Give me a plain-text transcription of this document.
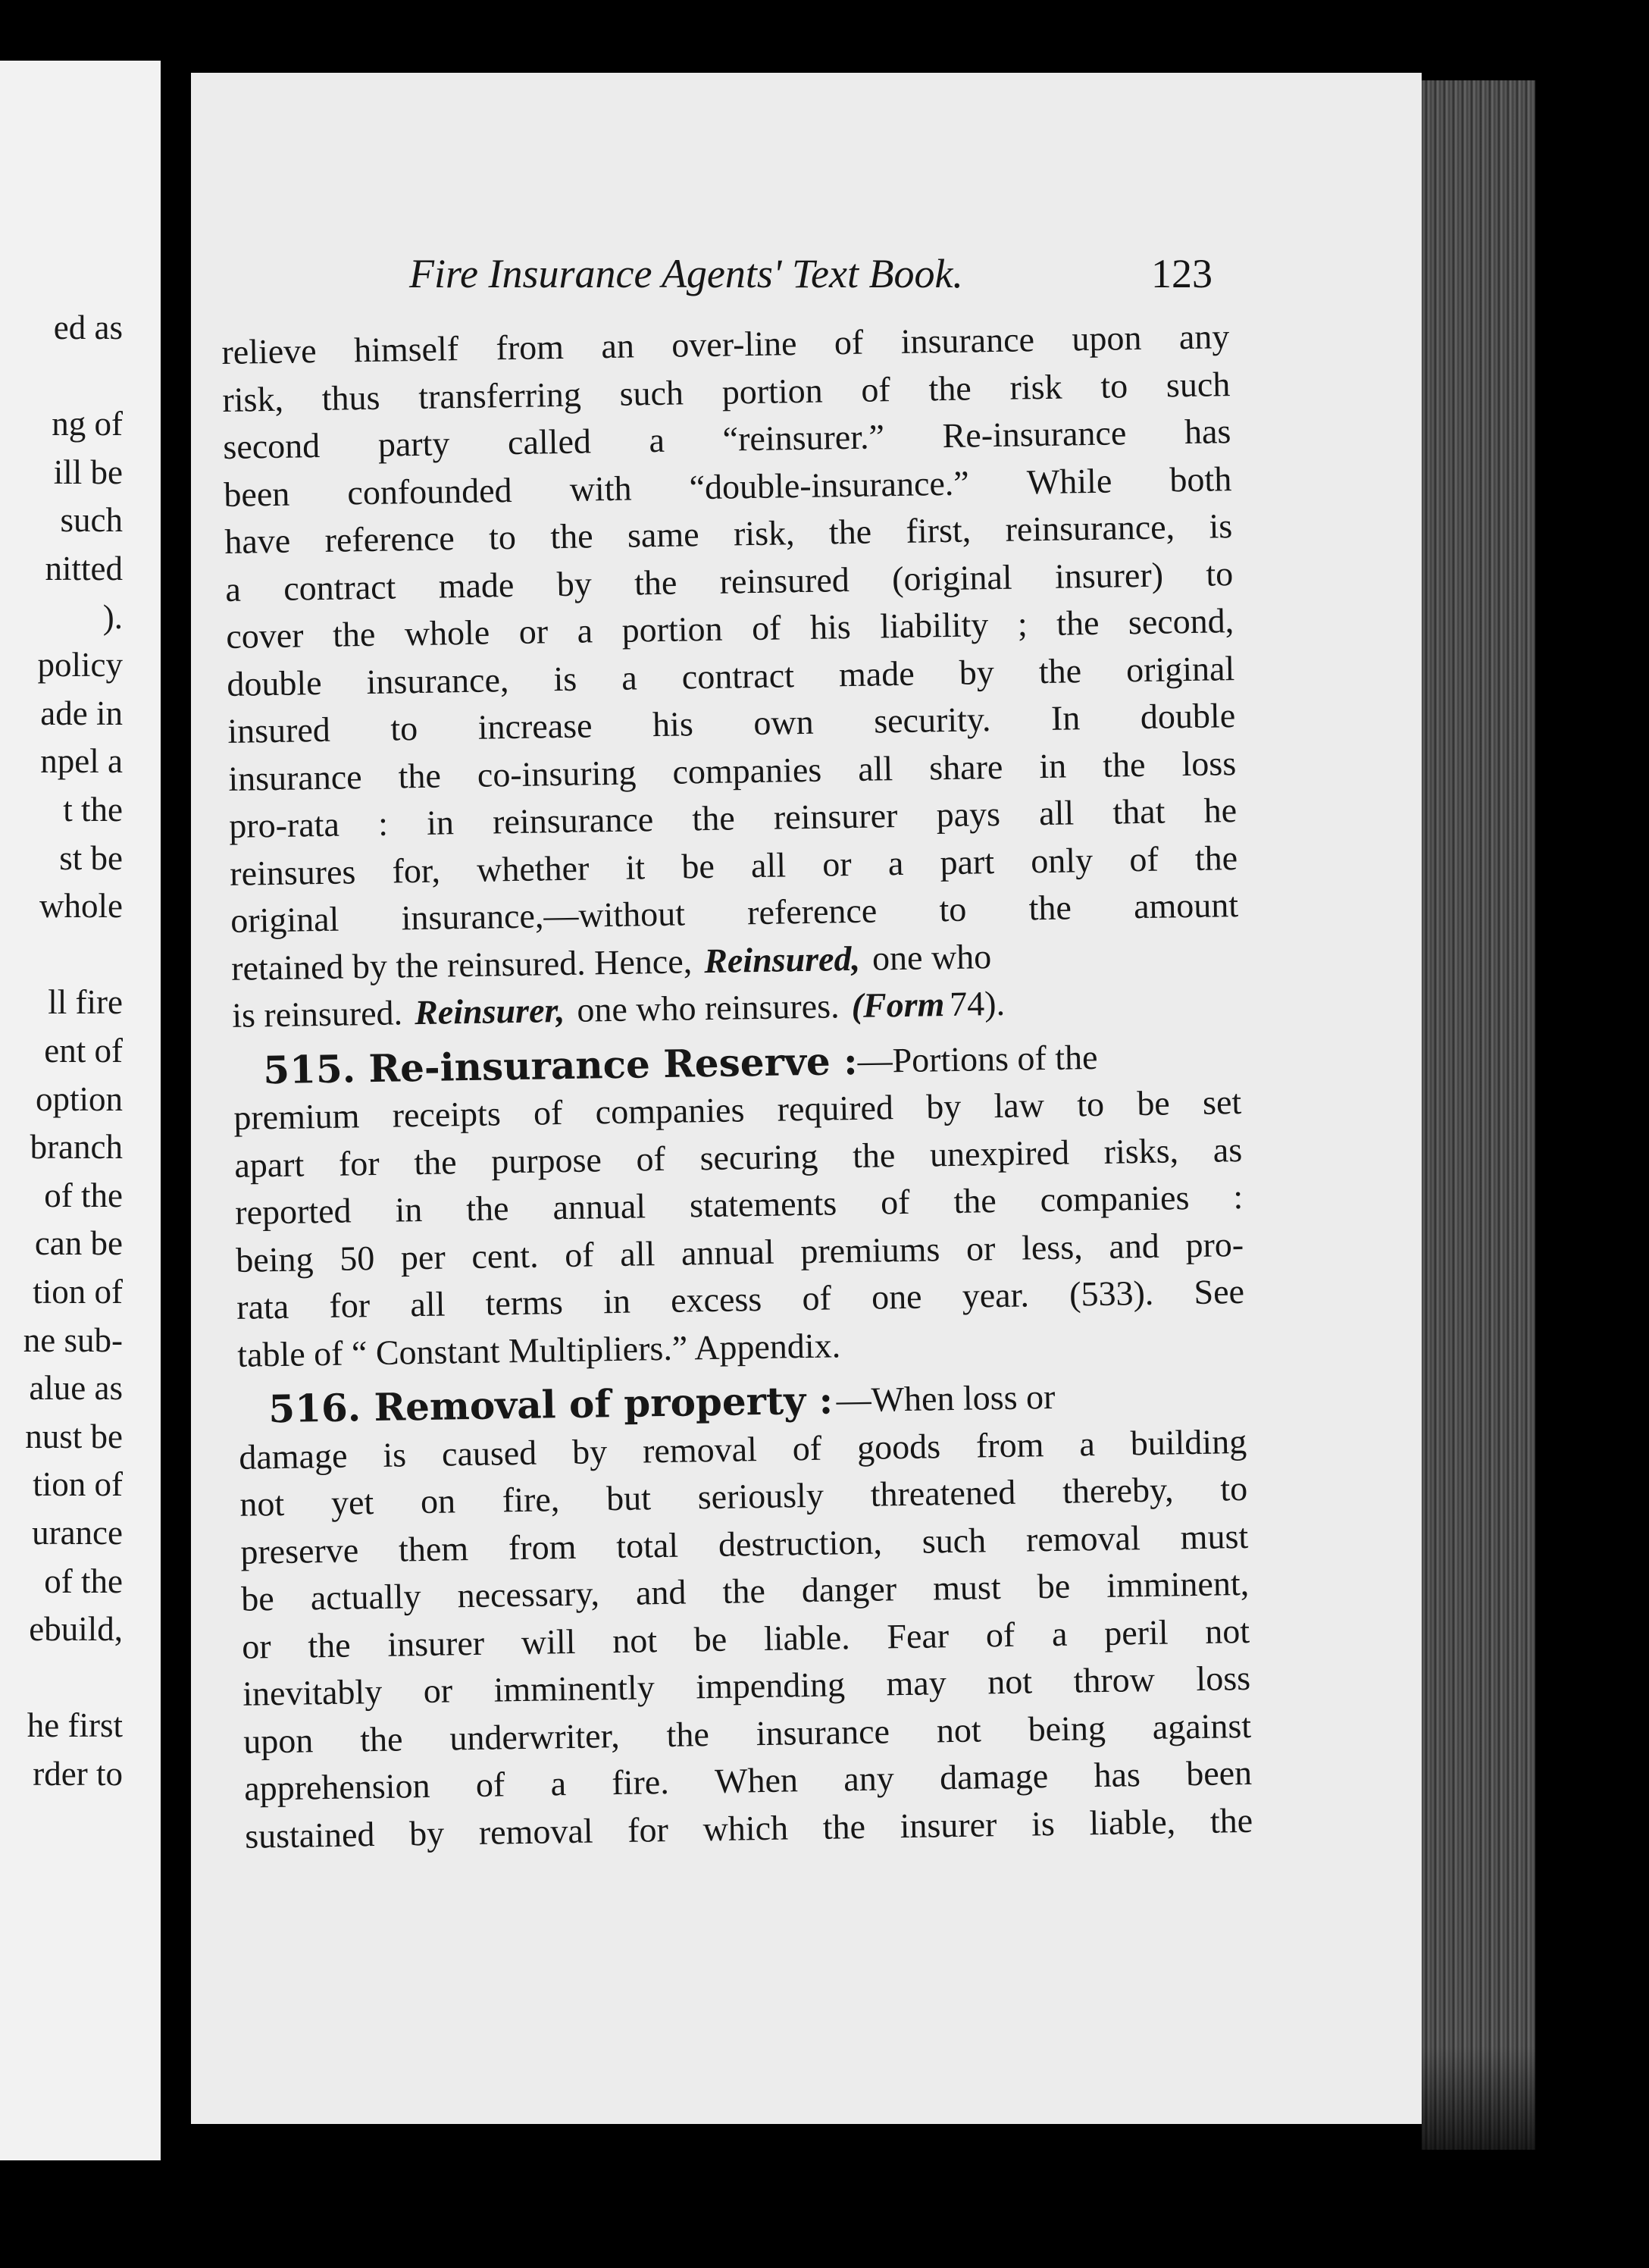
ed as
ng of
ill be
such
nitted
).
policy
ade in
npel a
t the
st be
whole
ll fire
ent of
option
branch
of the
can be
tion of
ne sub-
alue as
nust be
tion of
urance
of the
ebuild,
he first
rder to
Fire Insurance Agents' Text Book.	123
relieve himself from an over-line of insurance upon any
risk, thus transferring such portion of the risk to such
second party called a “reinsurer.” Re-insurance has
been confounded with “double-insurance.” While both
have reference to the same risk, the first, reinsurance, is
a contract made by the reinsured (original insurer) to
cover the whole or a portion of his liability ; the second,
double insurance, is a contract made by the original
insured to increase his own security. In double
insurance the co-insuring companies all share in the loss
pro-rata : in reinsurance the reinsurer pays all that he
reinsures for, whether it be all or a part only of the
original insurance,—without reference to the amount
retained by the reinsured. Hence, Reinsured, one who
is reinsured. Reinsurer, one who reinsures. (Form 74).
515. Re-insurance Reserve : —Portions of the
premium receipts of companies required by law to be set
apart for the purpose of securing the unexpired risks, as
reported in the annual statements of the companies :
being 50 per cent. of all annual premiums or less, and pro-
rata for all terms in excess of one year. (533). See
table of “ Constant Multipliers.” Appendix.
516. Removal of property : —When loss or
damage is caused by removal of goods from a building
not yet on fire, but seriously threatened thereby, to
preserve them from total destruction, such removal must
be actually necessary, and the danger must be imminent,
or the insurer will not be liable. Fear of a peril not
inevitably or imminently impending may not throw loss
upon the underwriter, the insurance not being against
apprehension of a fire. When any damage has been
sustained by removal for which the insurer is liable, the
